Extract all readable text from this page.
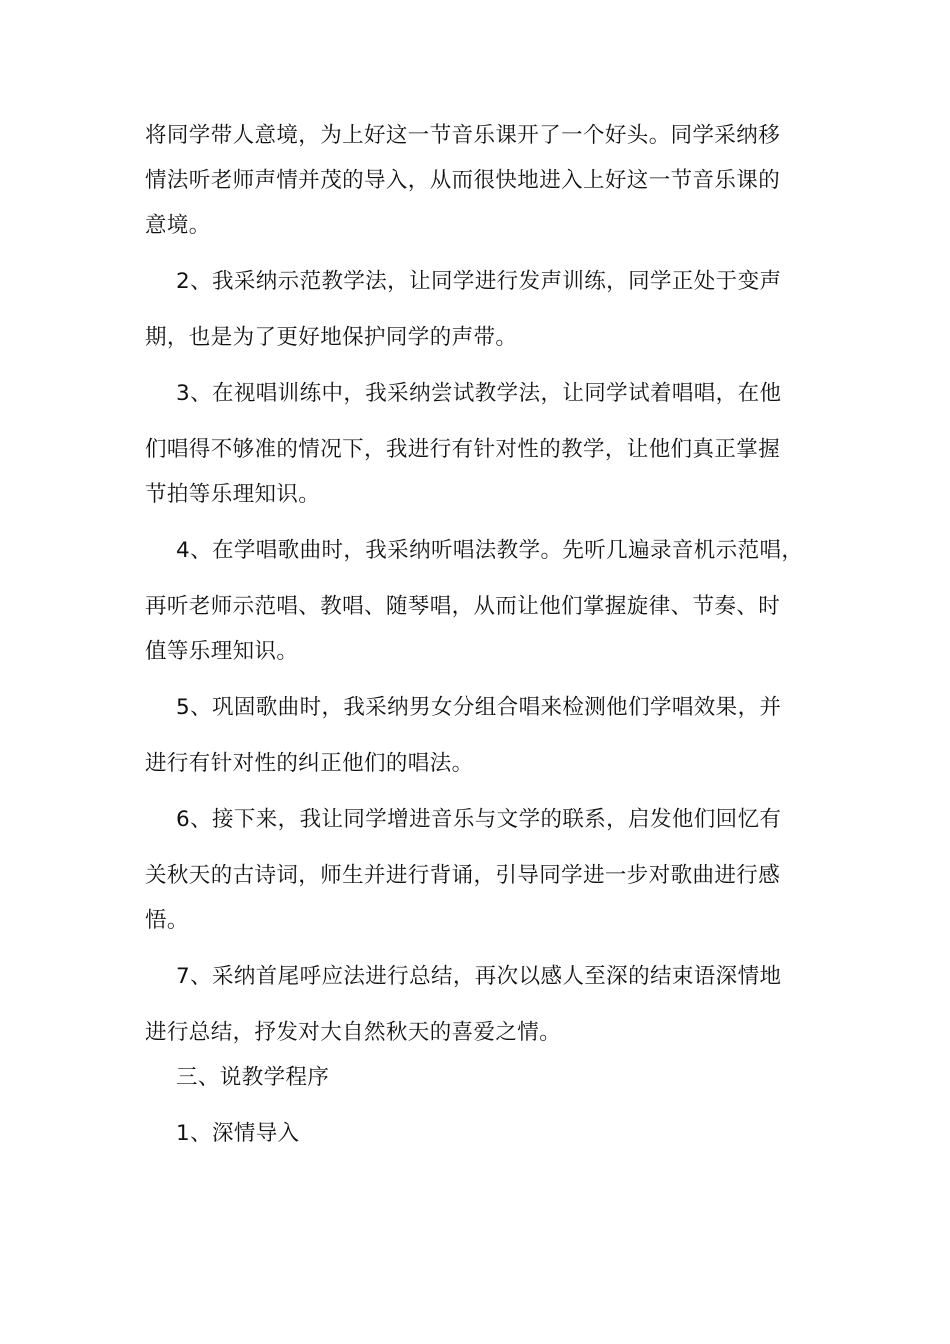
将同学带人意境，为上好这一节音乐课开了一个好头。同学采纳移
情法听老师声情并茂的导入，从而很快地进入上好这一节音乐课的
意境。
2、我采纳示范教学法，让同学进行发声训练，同学正处于变声
期，也是为了更好地保护同学的声带。
3、在视唱训练中，我采纳尝试教学法，让同学试着唱唱，在他
们唱得不够准的情况下，我进行有针对性的教学，让他们真正掌握
节拍等乐理知识。
4、在学唱歌曲时，我采纳听唱法教学。先听几遍录音机示范唱，
再听老师示范唱、教唱、随琴唱，从而让他们掌握旋律、节奏、时
值等乐理知识。
5、巩固歌曲时，我采纳男女分组合唱来检测他们学唱效果，并
进行有针对性的纠正他们的唱法。
6、接下来，我让同学增进音乐与文学的联系，启发他们回忆有
关秋天的古诗词，师生并进行背诵，引导同学进一步对歌曲进行感
悟。
7、采纳首尾呼应法进行总结，再次以感人至深的结束语深情地
进行总结，抒发对大自然秋天的喜爱之情。
三、说教学程序
1、深情导入
